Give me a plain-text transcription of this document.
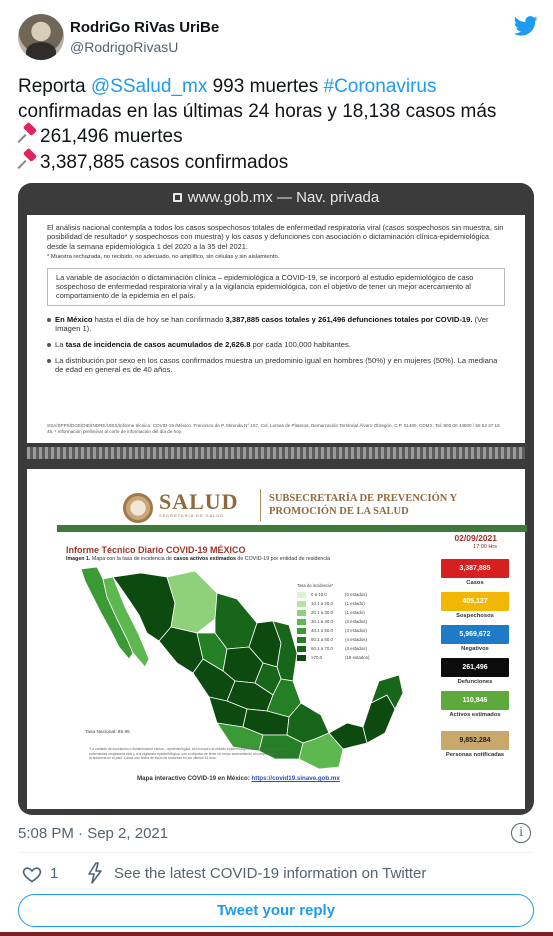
RodriGo RiVas UriBe
@RodrigoRivasU
Reporta @SSalud_mx 993 muertes #Coronavirus
confirmadas en las últimas 24 horas y 18,138 casos más
261,496 muertes
3,387,885 casos confirmados
www.gob.mx — Nav. privada
El análisis nacional contempla a todos los casos sospechosos totales de enfermedad respiratoria viral (casos sospechosos sin muestra, sin posibilidad de resultado* y sospechosos con muestra) y los casos y defunciones con asociación o dictaminación clínica-epidemiológica desde la semana epidemiológica 1 del 2020 a la 35 del 2021.
* Muestra rechazada, no recibido, no adecuado, no amplifico, sin células y sin aislamiento.
La variable de asociación o dictaminación clínica – epidemiológica a COVID-19, se incorporó al estudio epidemiológico de caso sospechoso de enfermedad respiratoria viral y a la vigilancia epidemiológica, con el objetivo de tener un mejor acercamiento al comportamiento de la epidemia en el país.
En México hasta el día de hoy se han confirmado 3,387,885 casos totales y 261,496 defunciones totales por COVID-19. (Ver Imagen 1).
La tasa de incidencia de casos acumulados de 2,626.8 por cada 100,000 habitantes.
La distribución por sexo en los casos confirmados muestra un predominio igual en hombres (50%) y en mujeres (50%). La mediana de edad en general es de 40 años.
SSA/SPPS/DGE/DIE/INDRE/UIES/Informe técnico. COVID-19 /México. Francisco de P. Miranda N° 157, Col. Lomas de Plateros, Demarcación Territorial Álvaro Obregón, C.P. 01480, CDMX. Tel. 800 00 44800 / 55 53 37 18 45. * Información preliminar al corte de información del día de hoy.
SALUD
SECRETARÍA DE SALUD
SUBSECRETARÍA DE PREVENCIÓN Y PROMOCIÓN DE LA SALUD
Informe Técnico Diario COVID-19 MÉXICO
02/09/2021
17:00 Hrs
Imagen 1. Mapa con la tasa de incidencia de casos activos estimados de COVID-19 por entidad de residencia
Tasa de incidencia*
0 a 10.0	(0 estados)
10.1 a 20.0	(1 estado)
20.1 a 30.0	(1 estado)
30.1 a 40.0	(2 estados)
40.1 a 50.0	(3 estados)
50.1 a 60.0	(4 estados)
60.1 a 70.0	(3 estados)
>70.0	(18 estados)
Tasa Nacional: 85.95
*La variable de asociación o dictaminación clínica – epidemiológica, se incorporó al estudio epidemiológico de caso sospechoso de enfermedad respiratoria viral y a la vigilancia epidemiológica, con el objetivo de tener un mejor acercamiento al comportamiento de la epidemia en el país. Casos con fecha de inicio de síntomas en los últimos 14 días.
Mapa interactivo COVID-19 en México: https://covid19.sinave.gob.mx
3,387,885
Casos
405,127
Sospechosos
5,969,672
Negativos
261,496
Defunciones
110,846
Activos estimados
9,852,284
Personas notificadas
5:08 PM · Sep 2, 2021	i
1	See the latest COVID-19 information on Twitter
Tweet your reply
